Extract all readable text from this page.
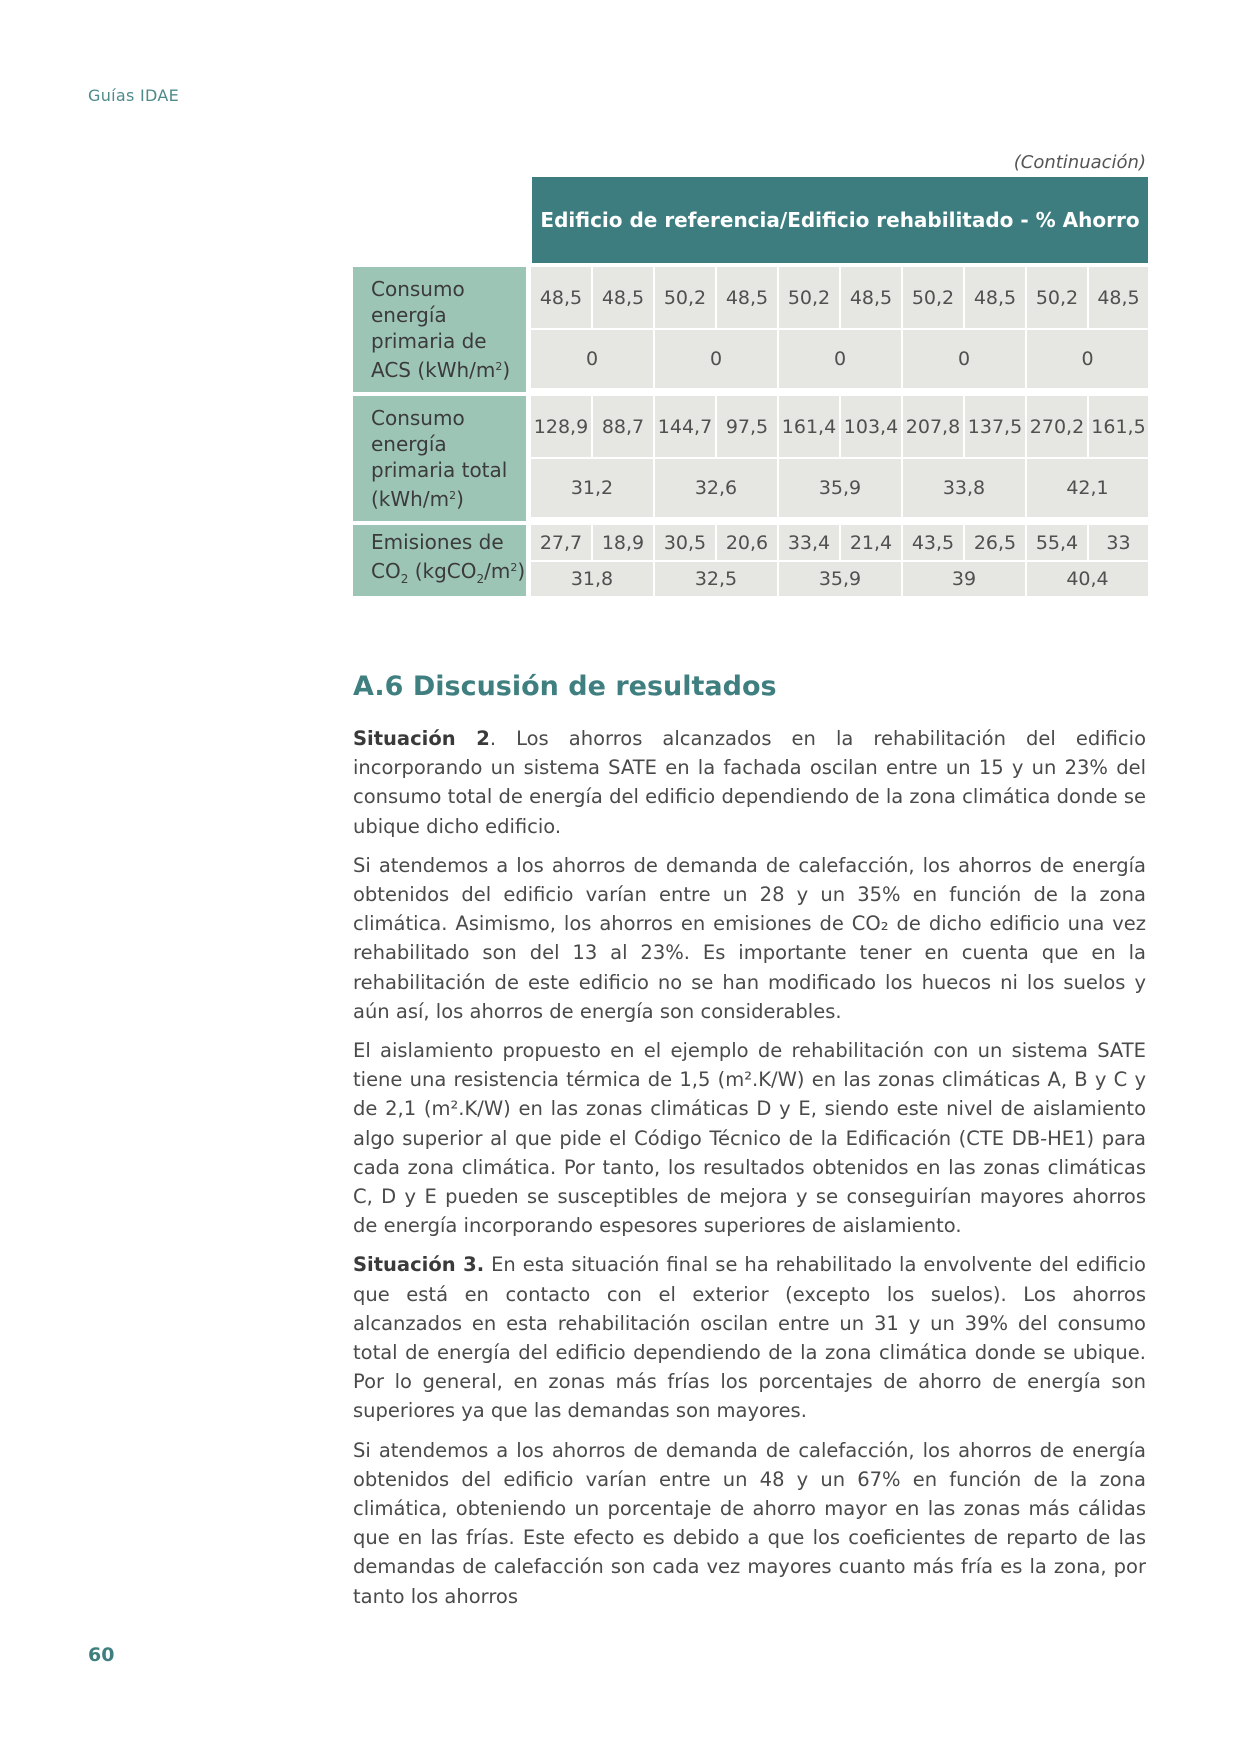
Guías IDAE
(Continuación)
	Edificio de referencia/Edificio rehabilitado - % Ahorro									

Consumo
energía
primaria de
ACS $(kWh/m^2)$	48,5	48,5	50,2	48,5	50,2	48,5	50,2	48,5	50,2	48,5
	0		0		0		0		0	
Consumo
energía
primaria total
$(kWh/m^2)$	128,9	88,7	144,7	97,5	161,4	103,4	207,8	137,5	270,2	161,5
	31,2		32,6		35,9		33,8		42,1	
Emisiones de
$CO_2$ $(kgCO_2/m^2)$	27,7	18,9	30,5	20,6	33,4	21,4	43,5	26,5	55,4	33
	31,8		32,5		35,9		39		40,4	
A.6 Discusión de resultados

Situación 2. Los ahorros alcanzados en la rehabilitación del edificio incorporando un sistema SATE en la fachada oscilan entre un 15 y un 23% del consumo total de energía del edificio dependiendo de la zona climática donde se ubique dicho edificio.

Si atendemos a los ahorros de demanda de calefacción, los ahorros de energía obtenidos del edificio varían entre un 28 y un 35% en función de la zona climática. Asimismo, los ahorros en emisiones de CO₂ de dicho edificio una vez rehabilitado son del 13 al 23%. Es importante tener en cuenta que en la rehabilitación de este edificio no se han modificado los huecos ni los suelos y aún así, los ahorros de energía son considerables.

El aislamiento propuesto en el ejemplo de rehabilitación con un sistema SATE tiene una resistencia térmica de 1,5 (m².K/W) en las zonas climáticas A, B y C y de 2,1 (m².K/W) en las zonas climáticas D y E, siendo este nivel de aislamiento algo superior al que pide el Código Técnico de la Edificación (CTE DB-HE1) para cada zona climática. Por tanto, los resultados obtenidos en las zonas climáticas C, D y E pueden se susceptibles de mejora y se conseguirían mayores ahorros de energía incorporando espesores superiores de aislamiento.

Situación 3. En esta situación final se ha rehabilitado la envolvente del edificio que está en contacto con el exterior (excepto los suelos). Los ahorros alcanzados en esta rehabilitación oscilan entre un 31 y un 39% del consumo total de energía del edificio dependiendo de la zona climática donde se ubique. Por lo general, en zonas más frías los porcentajes de ahorro de energía son superiores ya que las demandas son mayores.

Si atendemos a los ahorros de demanda de calefacción, los ahorros de energía obtenidos del edificio varían entre un 48 y un 67% en función de la zona climática, obteniendo un porcentaje de ahorro mayor en las zonas más cálidas que en las frías. Este efecto es debido a que los coeficientes de reparto de las demandas de calefacción son cada vez mayores cuanto más fría es la zona, por tanto los ahorros

60
